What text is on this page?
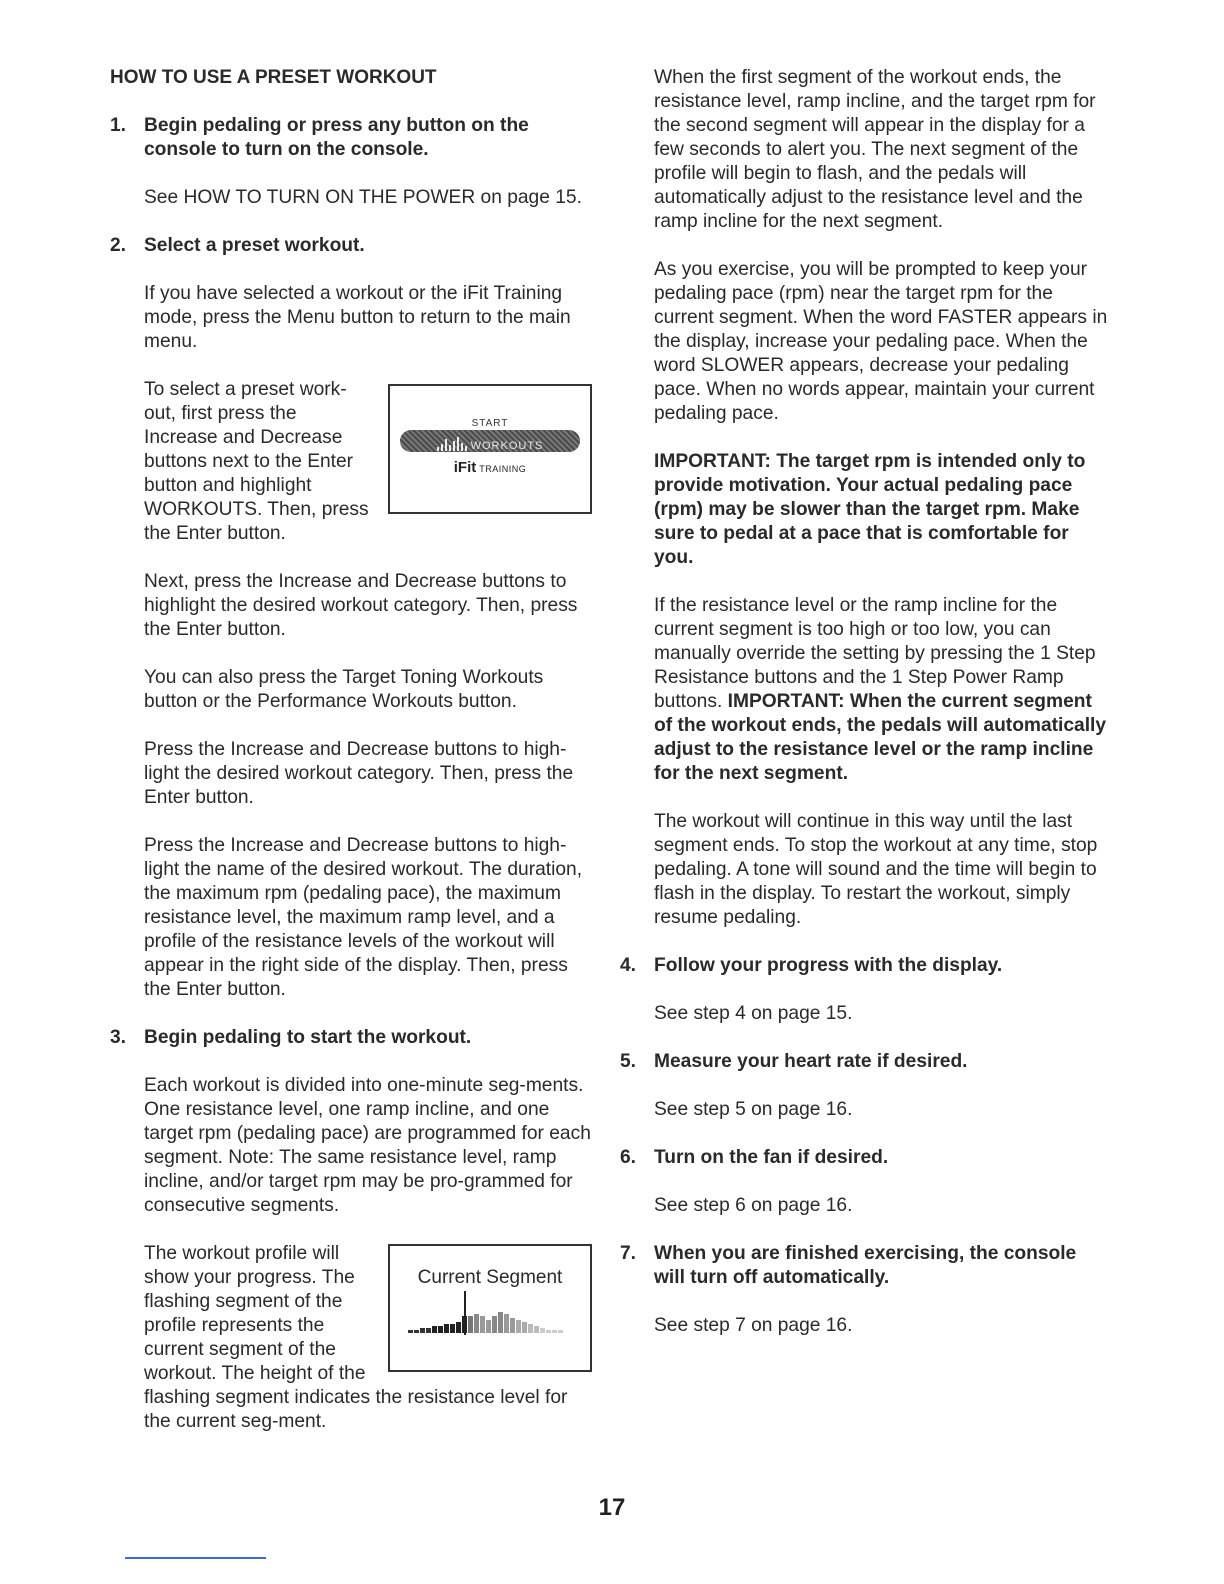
HOW TO USE A PRESET WORKOUT
1. Begin pedaling or press any button on the console to turn on the console.

See HOW TO TURN ON THE POWER on page 15.

2. Select a preset workout.

If you have selected a workout or the iFit Training mode, press the Menu button to return to the main menu.

START
WORKOUTS
iFit TRAINING

To select a preset work-out, first press the Increase and Decrease buttons next to the Enter button and highlight WORKOUTS. Then, press the Enter button.

Next, press the Increase and Decrease buttons to highlight the desired workout category. Then, press the Enter button.

You can also press the Target Toning Workouts button or the Performance Workouts button.

Press the Increase and Decrease buttons to high-light the desired workout category. Then, press the Enter button.

Press the Increase and Decrease buttons to high-light the name of the desired workout. The duration, the maximum rpm (pedaling pace), the maximum resistance level, the maximum ramp level, and a profile of the resistance levels of the workout will appear in the right side of the display. Then, press the Enter button.

3. Begin pedaling to start the workout.

Each workout is divided into one-minute seg-ments. One resistance level, one ramp incline, and one target rpm (pedaling pace) are programmed for each segment. Note: The same resistance level, ramp incline, and/or target rpm may be pro-grammed for consecutive segments.

Current Segment

The workout profile will show your progress. The flashing segment of the profile represents the current segment of the workout. The height of the flashing segment indicates the resistance level for the current seg-ment.

When the first segment of the workout ends, the resistance level, ramp incline, and the target rpm for the second segment will appear in the display for a few seconds to alert you. The next segment of the profile will begin to flash, and the pedals will automatically adjust to the resistance level and the ramp incline for the next segment.

As you exercise, you will be prompted to keep your pedaling pace (rpm) near the target rpm for the current segment. When the word FASTER appears in the display, increase your pedaling pace. When the word SLOWER appears, decrease your pedaling pace. When no words appear, maintain your current pedaling pace.

IMPORTANT: The target rpm is intended only to provide motivation. Your actual pedaling pace (rpm) may be slower than the target rpm. Make sure to pedal at a pace that is comfortable for you.

If the resistance level or the ramp incline for the current segment is too high or too low, you can manually override the setting by pressing the 1 Step Resistance buttons and the 1 Step Power Ramp buttons. IMPORTANT: When the current segment of the workout ends, the pedals will automatically adjust to the resistance level or the ramp incline for the next segment.

The workout will continue in this way until the last segment ends. To stop the workout at any time, stop pedaling. A tone will sound and the time will begin to flash in the display. To restart the workout, simply resume pedaling.

4. Follow your progress with the display.

See step 4 on page 15.

5. Measure your heart rate if desired.

See step 5 on page 16.

6. Turn on the fan if desired.

See step 6 on page 16.

7. When you are finished exercising, the console will turn off automatically.

See step 7 on page 16.

17
